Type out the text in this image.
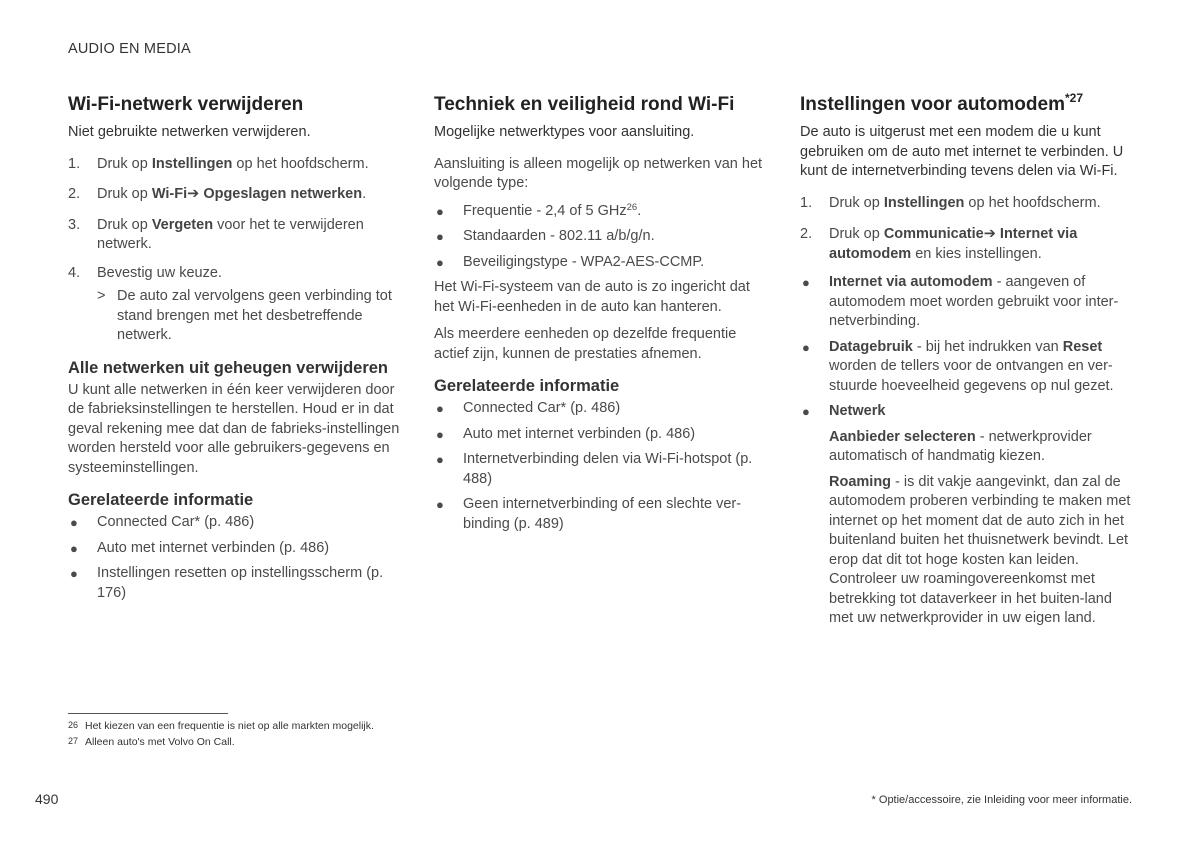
AUDIO EN MEDIA
Wi-Fi-netwerk verwijderen

Niet gebruikte netwerken verwijderen.

1. Druk op Instellingen op het hoofdscherm.
2. Druk op Wi-Fi➔ Opgeslagen netwerken.
3. Druk op Vergeten voor het te verwijderen netwerk.
4. Bevestig uw keuze.
> De auto zal vervolgens geen verbinding tot stand brengen met het desbetreffende netwerk.
Alle netwerken uit geheugen verwijderen

U kunt alle netwerken in één keer verwijderen door de fabrieksinstellingen te herstellen. Houd er in dat geval rekening mee dat dan de fabrieks-instellingen worden hersteld voor alle gebruikers-gegevens en systeeminstellingen.

Gerelateerde informatie
● Connected Car* (p. 486)
● Auto met internet verbinden (p. 486)
● Instellingen resetten op instellingsscherm (p. 176)
Techniek en veiligheid rond Wi-Fi

Mogelijke netwerktypes voor aansluiting.

Aansluiting is alleen mogelijk op netwerken van het volgende type:

● Frequentie - 2,4 of 5 GHz$^{26}$.
● Standaarden - 802.11 a/b/g/n.
● Beveiligingstype - WPA2-AES-CCMP.

Het Wi-Fi-systeem van de auto is zo ingericht dat het Wi-Fi-eenheden in de auto kan hanteren.

Als meerdere eenheden op dezelfde frequentie actief zijn, kunnen de prestaties afnemen.

Gerelateerde informatie
● Connected Car* (p. 486)
● Auto met internet verbinden (p. 486)
● Internetverbinding delen via Wi-Fi-hotspot (p. 488)
● Geen internetverbinding of een slechte ver-binding (p. 489)
Instellingen voor automodem$^{*27}$

De auto is uitgerust met een modem die u kunt gebruiken om de auto met internet te verbinden. U kunt de internetverbinding tevens delen via Wi-Fi.

1. Druk op Instellingen op het hoofdscherm.
2. Druk op Communicatie➔ Internet via automodem en kies instellingen.
● Internet via automodem - aangeven of automodem moet worden gebruikt voor inter-netverbinding.
● Datagebruik - bij het indrukken van Reset worden de tellers voor de ontvangen en ver-stuurde hoeveelheid gegevens op nul gezet.
● Netwerk

Aanbieder selecteren - netwerkprovider automatisch of handmatig kiezen.

Roaming - is dit vakje aangevinkt, dan zal de automodem proberen verbinding te maken met internet op het moment dat de auto zich in het buitenland buiten het thuisnetwerk bevindt. Let erop dat dit tot hoge kosten kan leiden. Controleer uw roamingovereenkomst met betrekking tot dataverkeer in het buiten-land met uw netwerkprovider in uw eigen land.

26 Het kiezen van een frequentie is niet op alle markten mogelijk.
27 Alleen auto's met Volvo On Call.
490	* Optie/accessoire, zie Inleiding voor meer informatie.
